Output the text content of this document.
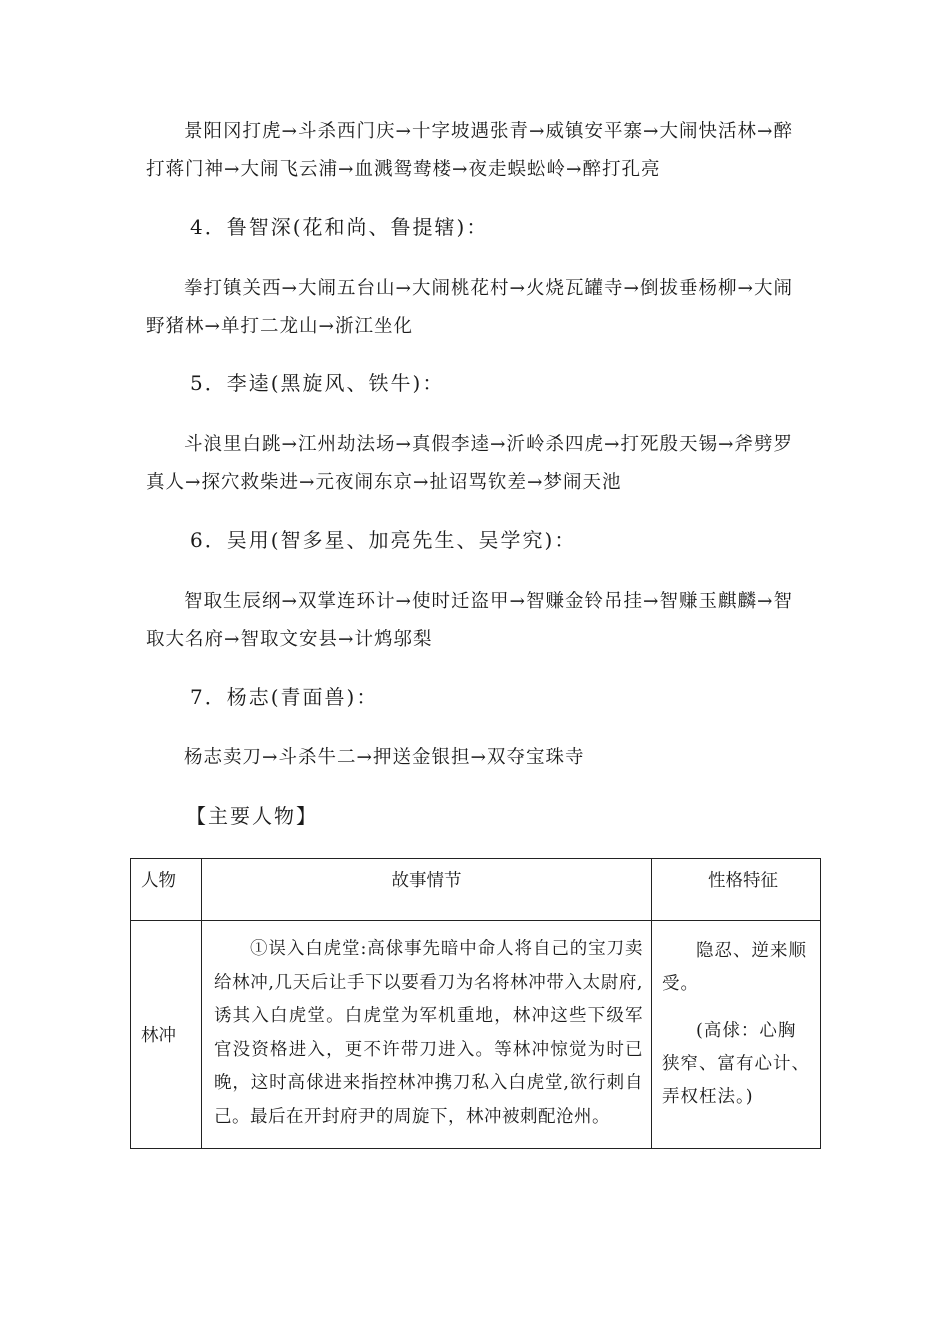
景阳冈打虎→斗杀西门庆→十字坡遇张青→威镇安平寨→大闹快活林→醉打蒋门神→大闹飞云浦→血溅鸳鸯楼→夜走蜈蚣岭→醉打孔亮

4．鲁智深(花和尚、鲁提辖)：

拳打镇关西→大闹五台山→大闹桃花村→火烧瓦罐寺→倒拔垂杨柳→大闹野猪林→单打二龙山→浙江坐化

5．李逵(黑旋风、铁牛)：

斗浪里白跳→江州劫法场→真假李逵→沂岭杀四虎→打死殷天锡→斧劈罗真人→探穴救柴进→元夜闹东京→扯诏骂钦差→梦闹天池

6．吴用(智多星、加亮先生、吴学究)：

智取生辰纲→双掌连环计→使时迁盗甲→智赚金铃吊挂→智赚玉麒麟→智取大名府→智取文安县→计鸩邬梨

7．杨志(青面兽)：

杨志卖刀→斗杀牛二→押送金银担→双夺宝珠寺

【主要人物】

人物	故事情节	性格特征
林冲	①误入白虎堂:高俅事先暗中命人将自己的宝刀卖给林冲,几天后让手下以要看刀为名将林冲带入太尉府,诱其入白虎堂。白虎堂为军机重地，林冲这些下级军官没资格进入，更不许带刀进入。等林冲惊觉为时已晚，这时高俅进来指控林冲携刀私入白虎堂,欲行刺自己。最后在开封府尹的周旋下，林冲被刺配沧州。	隐忍、逆来顺受。

(高俅：心胸狭窄、富有心计、弄权枉法。)
